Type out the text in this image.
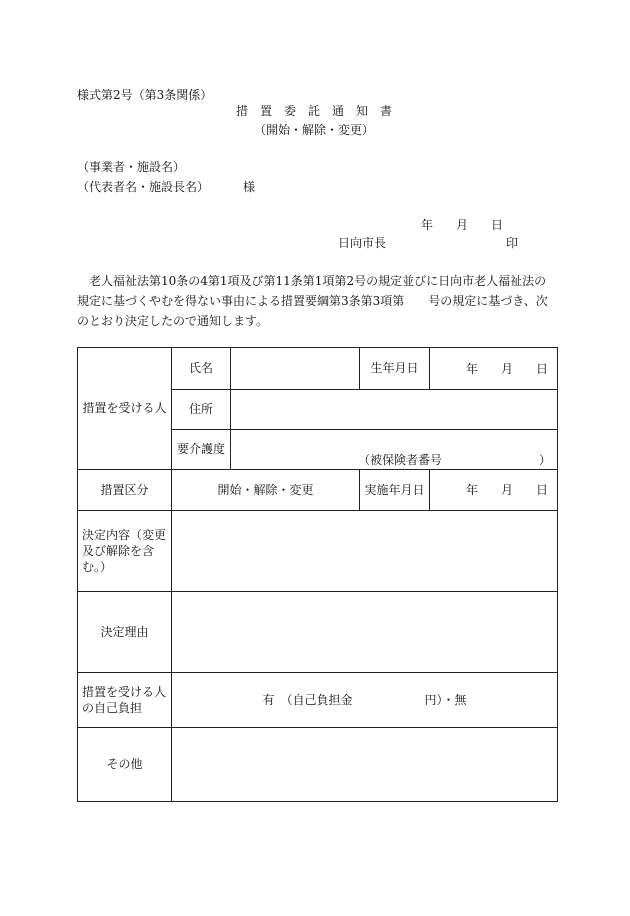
様式第2号（第3条関係）
措　置　委　託　通　知　書
（開始・解除・変更）
（事業者・施設名）
（代表者名・施設長名）	様
年 月 日
日向市長	印
老人福祉法第10条の4第1項及び第11条第1項第2号の規定並びに日向市老人福祉法の規定に基づくやむを得ない事由による措置要綱第3条第3項第　　号の規定に基づき、次のとおり決定したので通知します。
措置を受ける人	氏名		生年月日	年 月 日

	住所			
	要介護度	（被保険者番号 ）		

措置区分	開始・解除・変更		実施年月日	年 月 日

決定内容（変更及び解除を含む。）				
決定理由				
措置を受ける人の自己負担	有　（自己負担金　　　　　　円）・無			
その他				
